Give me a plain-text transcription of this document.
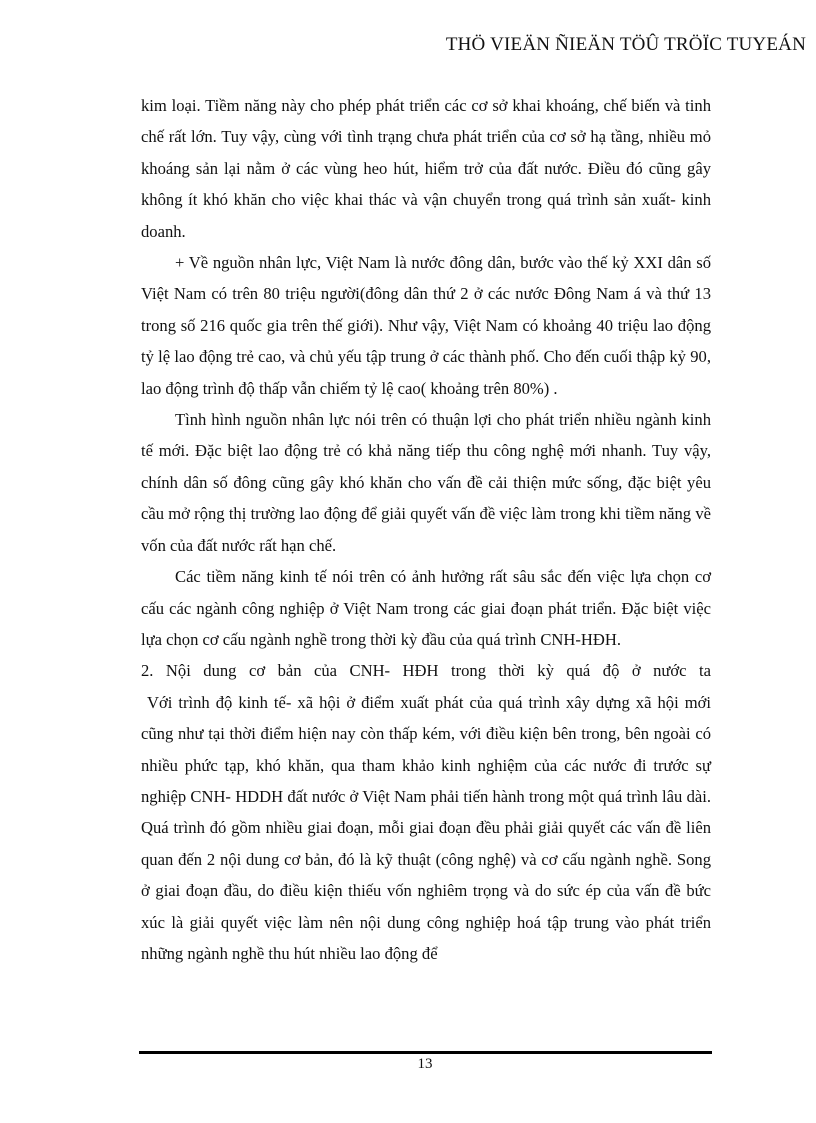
THÖ VIEÄN ÑIEÄN TÖÛ TRÖÏC TUYEÁN

kim loại. Tiềm năng này cho phép phát triển các cơ sở khai khoáng, chế biến và tinh chế rất lớn. Tuy vậy, cùng với tình trạng chưa phát triển của cơ sở hạ tầng, nhiều mỏ khoáng sản lại nằm ở các vùng heo hút, hiểm trở của đất nước. Điều đó cũng gây không ít khó khăn cho việc khai thác và vận chuyển trong quá trình sản xuất- kinh doanh.

+ Về nguồn nhân lực, Việt Nam là nước đông dân, bước vào thế kỷ XXI dân số Việt Nam có trên 80 triệu người(đông dân thứ 2 ở các nước Đông Nam á và thứ 13 trong số 216 quốc gia trên thế giới). Như vậy, Việt Nam có khoảng 40 triệu lao động tỷ lệ lao động trẻ cao, và chủ yếu tập trung ở các thành phố. Cho đến cuối thập kỷ 90, lao động trình độ thấp vẫn chiếm tỷ lệ cao( khoảng trên 80%) .

Tình hình nguồn nhân lực nói trên có thuận lợi cho phát triển nhiều ngành kinh tế mới. Đặc biệt lao động trẻ có khả năng tiếp thu công nghệ mới nhanh. Tuy vậy, chính dân số đông cũng gây khó khăn cho vấn đề cải thiện mức sống, đặc biệt yêu cầu mở rộng thị trường lao động để giải quyết vấn đề việc làm trong khi tiềm năng về vốn của đất nước rất hạn chế.

Các tiềm năng kinh tế nói trên có ảnh hưởng rất sâu sắc đến việc lựa chọn cơ cấu các ngành công nghiệp ở Việt Nam trong các giai đoạn phát triển. Đặc biệt việc lựa chọn cơ cấu ngành nghề trong thời kỳ đầu của quá trình CNH-HĐH.

2. Nội dung cơ bản của CNH- HĐH trong thời kỳ quá độ ở nước ta

Với trình độ kinh tế- xã hội ở điểm xuất phát của quá trình xây dựng xã hội mới cũng như tại thời điểm hiện nay còn thấp kém, với điều kiện bên trong, bên ngoài có nhiều phức tạp, khó khăn, qua tham khảo kinh nghiệm của các nước đi trước sự nghiệp CNH- HDDH đất nước ở Việt Nam phải tiến hành trong một quá trình lâu dài. Quá trình đó gồm nhiều giai đoạn, mỗi giai đoạn đều phải giải quyết các vấn đề liên quan đến 2 nội dung cơ bản, đó là kỹ thuật (công nghệ) và cơ cấu ngành nghề. Song ở giai đoạn đầu, do điều kiện thiếu vốn nghiêm trọng và do sức ép của vấn đề bức xúc là giải quyết việc làm nên nội dung công nghiệp hoá tập trung vào phát triển những ngành nghề thu hút nhiều lao động để

13
